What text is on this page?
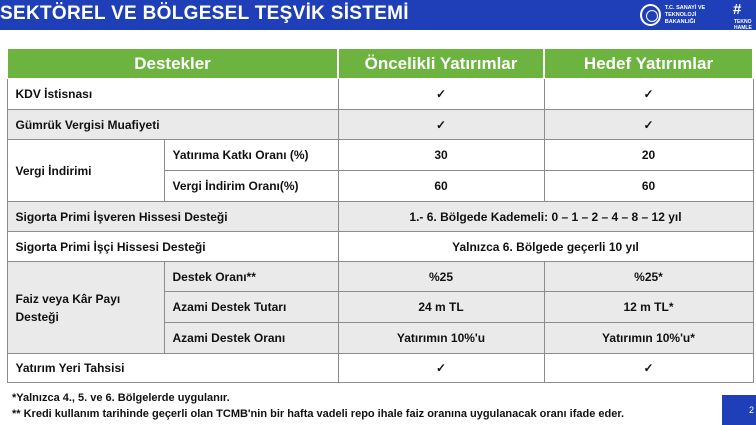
SEKTÖREL VE BÖLGESEL TEŞVİK SİSTEMİ	T.C. SANAYİ VE
TEKNOLOJİ BAKANLIĞI
#
TEKNO HAMLE
Destekler		Öncelikli Yatırımlar	Hedef Yatırımlar
KDV İstisnası		✓	✓
Gümrük Vergisi Muafiyeti		✓	✓
Vergi İndirimi	Yatırıma Katkı Oranı (%)	30	20
	Vergi İndirim Oranı(%)	60	60
Sigorta Primi İşveren Hissesi Desteği		1.- 6. Bölgede Kademeli: 0 – 1 – 2 – 4 – 8 – 12 yıl	
Sigorta Primi İşçi Hissesi Desteği		Yalnızca 6. Bölgede geçerli 10 yıl	
Faiz veya Kâr Payı Desteği	Destek Oranı**	%25	%25*
	Azami Destek Tutarı	24 m TL	12 m TL*
	Azami Destek Oranı	Yatırımın 10%'u	Yatırımın 10%'u*
Yatırım Yeri Tahsisi		✓	✓
*Yalnızca 4., 5. ve 6. Bölgelerde uygulanır.
** Kredi kullanım tarihinde geçerli olan TCMB'nin bir hafta vadeli repo ihale faiz oranına uygulanacak oranı ifade eder.	2
